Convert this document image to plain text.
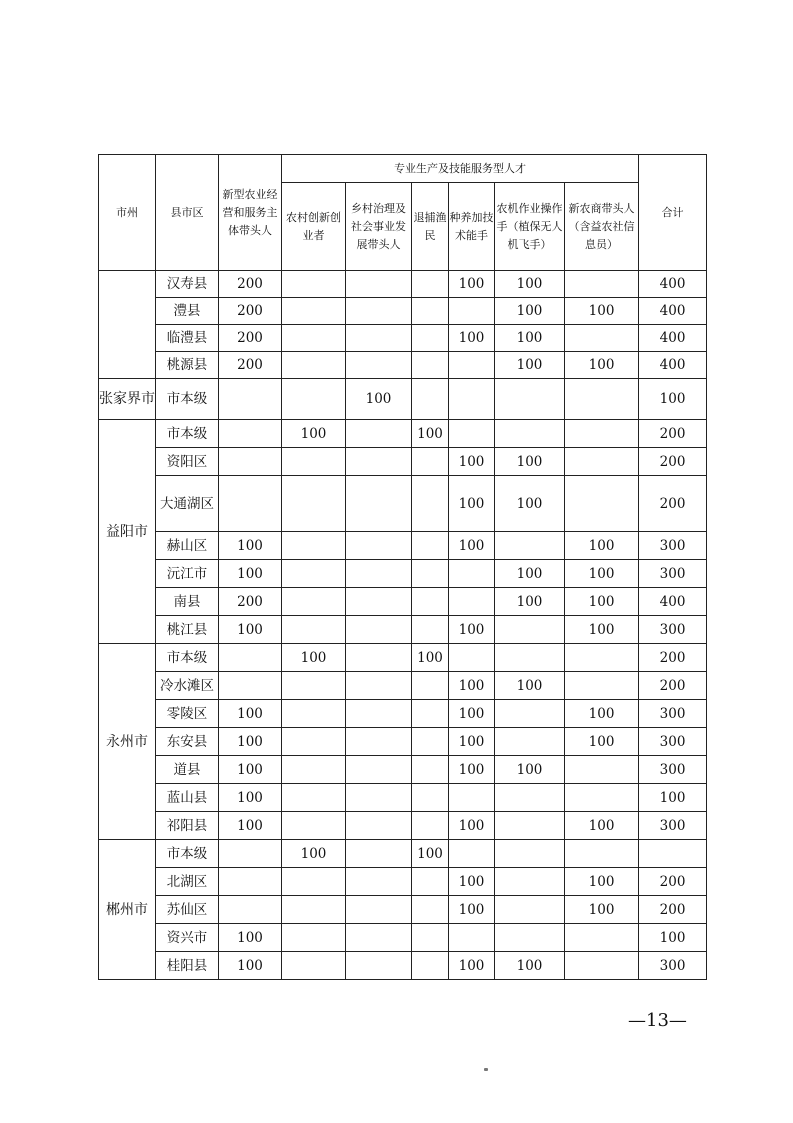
市州	县市区	新型农业经营和服务主体带头人	专业生产及技能服务型人才						合计
			农村创新创业者	乡村治理及社会事业发展带头人	退捕渔民	种养加技术能手	农机作业操作手（植保无人机飞手）	新农商带头人（含益农社信息员）	
	汉寿县	200				100	100		400
	澧县	200					100	100	400
	临澧县	200				100	100		400
	桃源县	200					100	100	400
张家界市	市本级			100					100
益阳市	市本级		100		100				200
	资阳区					100	100		200
	大通湖区					100	100		200
	赫山区	100				100		100	300
	沅江市	100					100	100	300
	南县	200					100	100	400
	桃江县	100				100		100	300
永州市	市本级		100		100				200
	冷水滩区					100	100		200
	零陵区	100				100		100	300
	东安县	100				100		100	300
	道县	100				100	100		300
	蓝山县	100							100
	祁阳县	100				100		100	300
郴州市	市本级		100		100				
	北湖区					100		100	200
	苏仙区					100		100	200
	资兴市	100							100
	桂阳县	100				100	100		300
—13—
